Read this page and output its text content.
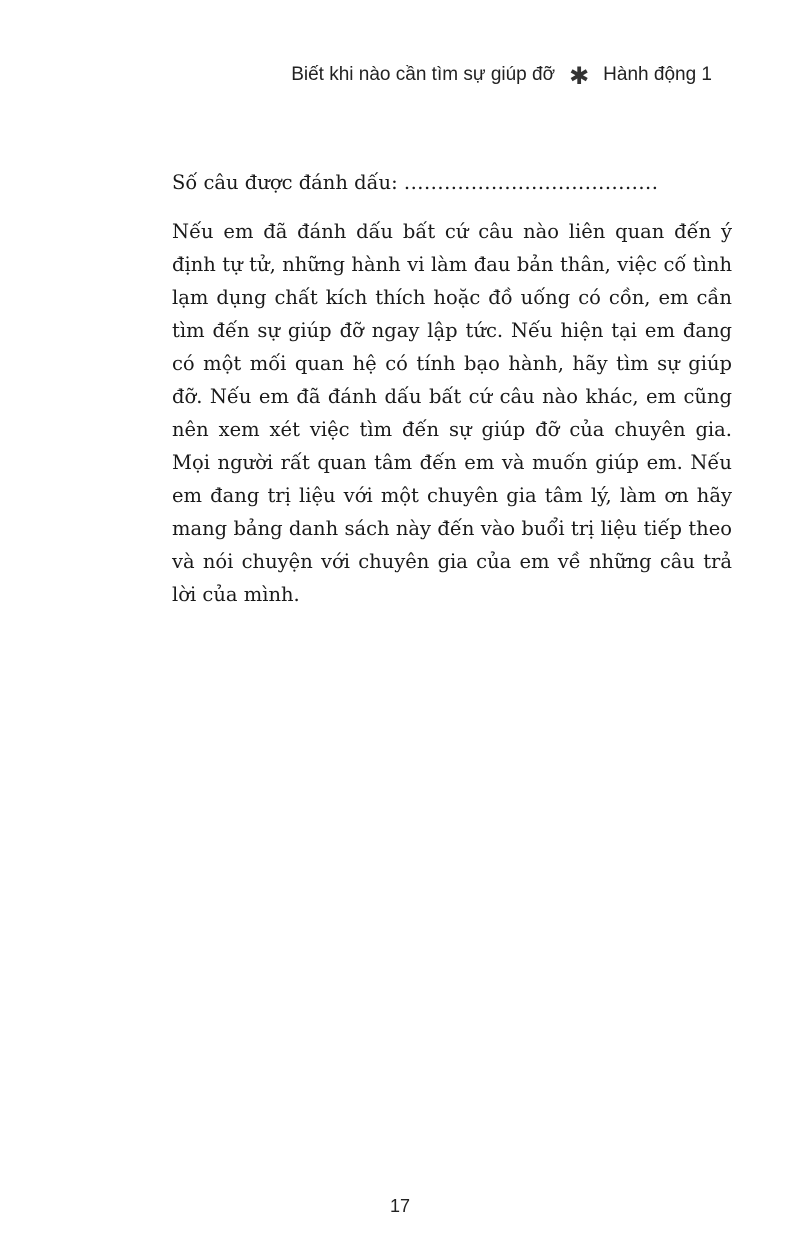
Biết khi nào cần tìm sự giúp đỡ ✱ Hành động 1

Số câu được đánh dấu: ......................................

Nếu em đã đánh dấu bất cứ câu nào liên quan đến ý định tự tử, những hành vi làm đau bản thân, việc cố tình lạm dụng chất kích thích hoặc đồ uống có cồn, em cần tìm đến sự giúp đỡ ngay lập tức. Nếu hiện tại em đang có một mối quan hệ có tính bạo hành, hãy tìm sự giúp đỡ. Nếu em đã đánh dấu bất cứ câu nào khác, em cũng nên xem xét việc tìm đến sự giúp đỡ của chuyên gia. Mọi người rất quan tâm đến em và muốn giúp em. Nếu em đang trị liệu với một chuyên gia tâm lý, làm ơn hãy mang bảng danh sách này đến vào buổi trị liệu tiếp theo và nói chuyện với chuyên gia của em về những câu trả lời của mình.

17
